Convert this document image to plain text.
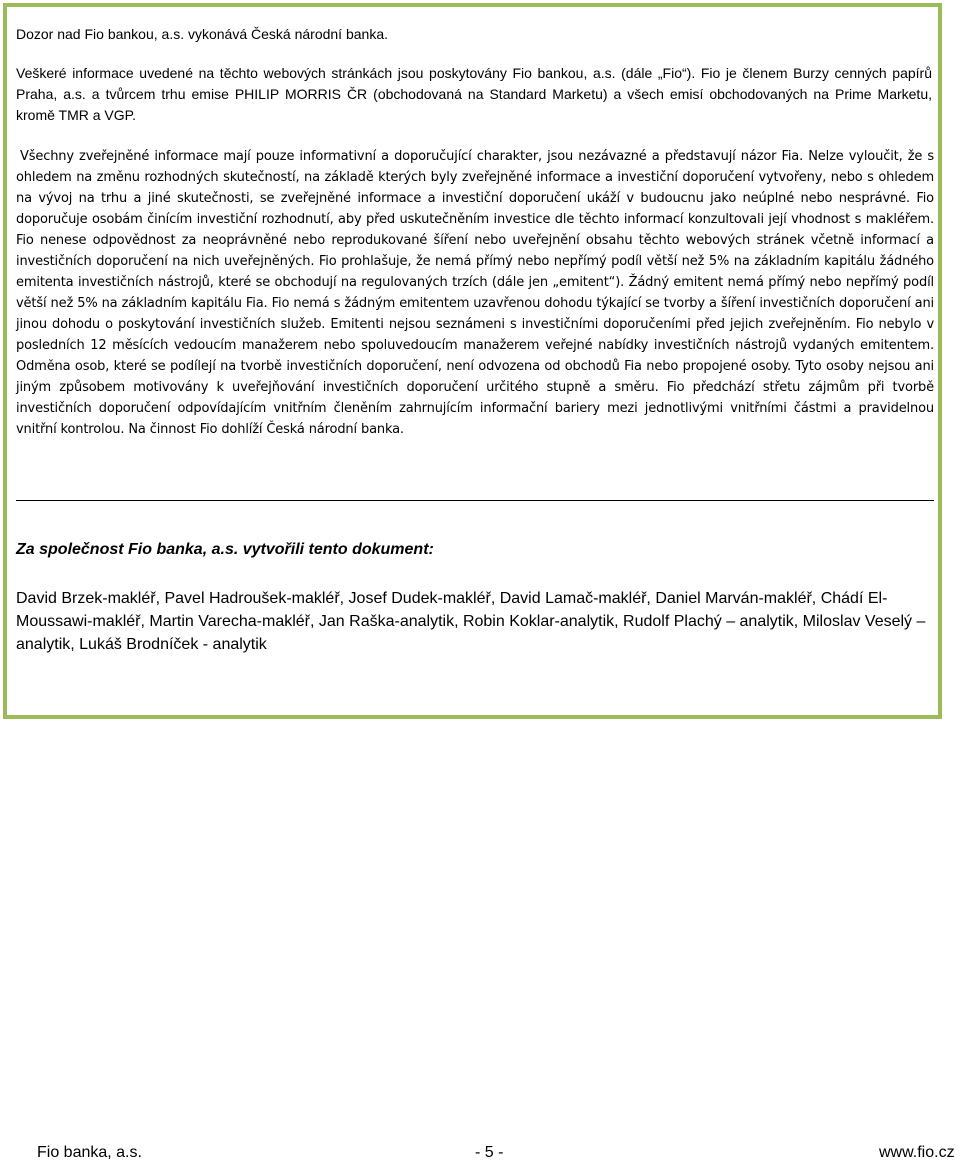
Dozor nad Fio bankou, a.s. vykonává Česká národní banka.

Veškeré informace uvedené na těchto webových stránkách jsou poskytovány Fio bankou, a.s. (dále „Fio“). Fio je členem Burzy cenných papírů Praha, a.s. a tvůrcem trhu emise PHILIP MORRIS ČR (obchodovaná na Standard Marketu) a všech emisí obchodovaných na Prime Marketu, kromě TMR a VGP.

Všechny zveřejněné informace mají pouze informativní a doporučující charakter, jsou nezávazné a představují názor Fia. Nelze vyloučit, že s ohledem na změnu rozhodných skutečností, na základě kterých byly zveřejněné informace a investiční doporučení vytvořeny, nebo s ohledem na vývoj na trhu a jiné skutečnosti, se zveřejněné informace a investiční doporučení ukáží v budoucnu jako neúplné nebo nesprávné. Fio doporučuje osobám činícím investiční rozhodnutí, aby před uskutečněním investice dle těchto informací konzultovali její vhodnost s makléřem. Fio nenese odpovědnost za neoprávněné nebo reprodukované šíření nebo uveřejnění obsahu těchto webových stránek včetně informací a investičních doporučení na nich uveřejněných. Fio prohlašuje, že nemá přímý nebo nepřímý podíl větší než 5% na základním kapitálu žádného emitenta investičních nástrojů, které se obchodují na regulovaných trzích (dále jen „emitent“). Žádný emitent nemá přímý nebo nepřímý podíl větší než 5% na základním kapitálu Fia. Fio nemá s žádným emitentem uzavřenou dohodu týkající se tvorby a šíření investičních doporučení ani jinou dohodu o poskytování investičních služeb. Emitenti nejsou seznámeni s investičními doporučeními před jejich zveřejněním. Fio nebylo v posledních 12 měsících vedoucím manažerem nebo spoluvedoucím manažerem veřejné nabídky investičních nástrojů vydaných emitentem. Odměna osob, které se podílejí na tvorbě investičních doporučení, není odvozena od obchodů Fia nebo propojené osoby. Tyto osoby nejsou ani jiným způsobem motivovány k uveřejňování investičních doporučení určitého stupně a směru. Fio předchází střetu zájmům při tvorbě investičních doporučení odpovídajícím vnitřním členěním zahrnujícím informační bariery mezi jednotlivými vnitřními částmi a pravidelnou vnitřní kontrolou. Na činnost Fio dohlíží Česká národní banka.

Za společnost Fio banka, a.s. vytvořili tento dokument:

David Brzek-makléř, Pavel Hadroušek-makléř, Josef Dudek-makléř, David Lamač-makléř, Daniel Marván-makléř, Chádí El-Moussawi-makléř, Martin Varecha-makléř, Jan Raška-analytik, Robin Koklar-analytik, Rudolf Plachý – analytik, Miloslav Veselý – analytik, Lukáš Brodníček - analytik

Fio banka, a.s.	- 5 -	www.fio.cz
